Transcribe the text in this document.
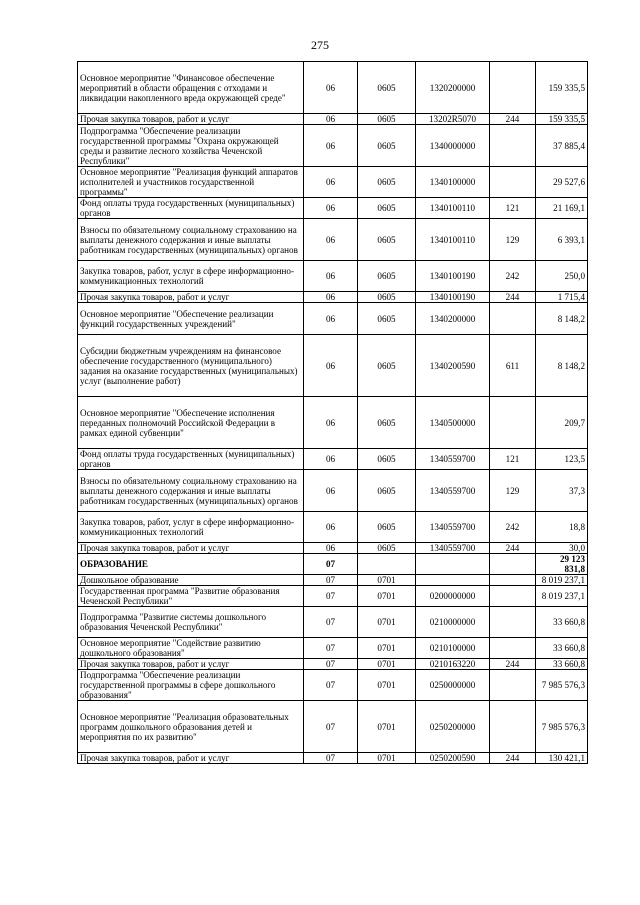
275
Основное мероприятие "Финансовое обеспечение мероприятий в области обращения с отходами и ликвидации накопленного вреда окружающей среде"	06	0605	1320200000		159 335,5
Прочая закупка товаров, работ и услуг	06	0605	13202R5070	244	159 335,5
Подпрограмма "Обеспечение реализации государственной программы "Охрана окружающей среды и развитие лесного хозяйства Чеченской Республики"	06	0605	1340000000		37 885,4
Основное мероприятие "Реализация функций аппаратов исполнителей и участников государственной программы"	06	0605	1340100000		29 527,6
Фонд оплаты труда государственных (муниципальных) органов	06	0605	1340100110	121	21 169,1
Взносы по обязательному социальному страхованию на выплаты денежного содержания и иные выплаты работникам государственных (муниципальных) органов	06	0605	1340100110	129	6 393,1
Закупка товаров, работ, услуг в сфере информационно-коммуникационных технологий	06	0605	1340100190	242	250,0
Прочая закупка товаров, работ и услуг	06	0605	1340100190	244	1 715,4
Основное мероприятие "Обеспечение реализации функций государственных учреждений"	06	0605	1340200000		8 148,2
Субсидии бюджетным учреждениям на финансовое обеспечение государственного (муниципального) задания на оказание государственных (муниципальных) услуг (выполнение работ)	06	0605	1340200590	611	8 148,2
Основное мероприятие "Обеспечение исполнения переданных полномочий Российской Федерации в рамках единой субвенции"	06	0605	1340500000		209,7
Фонд оплаты труда государственных (муниципальных) органов	06	0605	1340559700	121	123,5
Взносы по обязательному социальному страхованию на выплаты денежного содержания и иные выплаты работникам государственных (муниципальных) органов	06	0605	1340559700	129	37,3
Закупка товаров, работ, услуг в сфере информационно-коммуникационных технологий	06	0605	1340559700	242	18,8
Прочая закупка товаров, работ и услуг	06	0605	1340559700	244	30,0
ОБРАЗОВАНИЕ	07				29 123 831,8
Дошкольное образование	07	0701			8 019 237,1
Государственная программа "Развитие образования Чеченской Республики"	07	0701	0200000000		8 019 237,1
Подпрограмма "Развитие системы дошкольного образования Чеченской Республики"	07	0701	0210000000		33 660,8
Основное мероприятие "Содействие развитию дошкольного образования"	07	0701	0210100000		33 660,8
Прочая закупка товаров, работ и услуг	07	0701	0210163220	244	33 660,8
Подпрограмма "Обеспечение реализации государственной программы в сфере дошкольного образования"	07	0701	0250000000		7 985 576,3
Основное мероприятие "Реализация образовательных программ дошкольного образования детей и мероприятия по их развитию"	07	0701	0250200000		7 985 576,3
Прочая закупка товаров, работ и услуг	07	0701	0250200590	244	130 421,1
